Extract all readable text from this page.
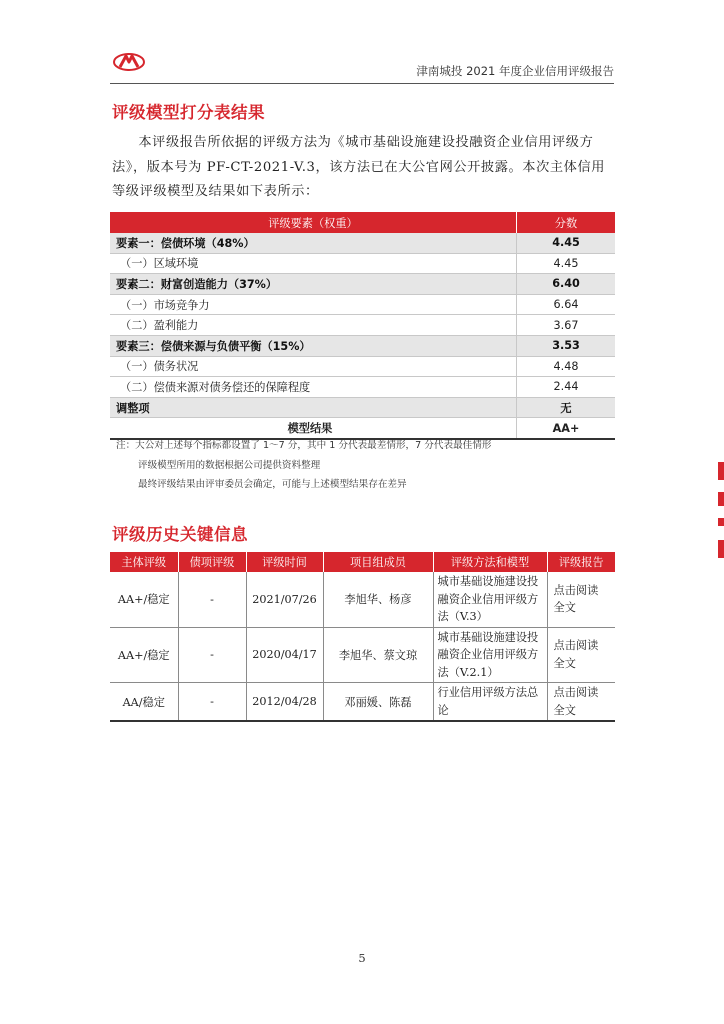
津南城投 2021 年度企业信用评级报告
评级模型打分表结果
本评级报告所依据的评级方法为《城市基础设施建设投融资企业信用评级方法》，版本号为 PF-CT-2021-V.3，该方法已在大公官网公开披露。本次主体信用等级评级模型及结果如下表所示：
评级要素（权重）	分数
要素一：偿债环境（48%）	4.45
（一）区域环境	4.45
要素二：财富创造能力（37%）	6.40
（一）市场竞争力	6.64
（二）盈利能力	3.67
要素三：偿债来源与负债平衡（15%）	3.53
（一）债务状况	4.48
（二）偿债来源对债务偿还的保障程度	2.44
调整项	无
模型结果	AA+
注：大公对上述每个指标都设置了 1～7 分，其中 1 分代表最差情形，7 分代表最佳情形
评级模型所用的数据根据公司提供资料整理
最终评级结果由评审委员会确定，可能与上述模型结果存在差异
评级历史关键信息
主体评级	债项评级	评级时间	项目组成员	评级方法和模型	评级报告
AA+/稳定	-	2021/07/26	李旭华、杨彦	城市基础设施建设投融资企业信用评级方法（V.3）	点击阅读全文
AA+/稳定	-	2020/04/17	李旭华、蔡文琼	城市基础设施建设投融资企业信用评级方法（V.2.1）	点击阅读全文
AA/稳定	-	2012/04/28	邓丽媛、陈磊	行业信用评级方法总论	点击阅读全文
5
